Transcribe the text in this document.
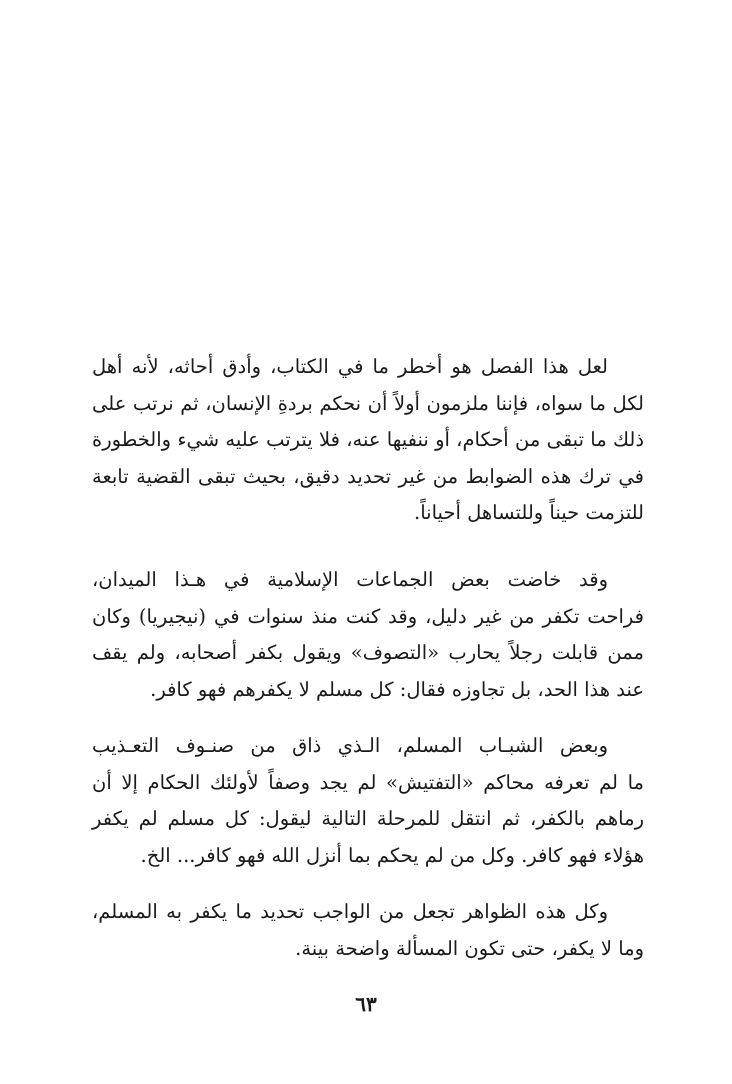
لعل هذا الفصل هو أخطر ما في الكتاب، وأدق أحاثه، لأنه أهل
لكل ما سواه، فإننا ملزمون أولاً أن نحكم بردةِ الإنسان، ثم نرتب على
ذلك ما تبقى من أحكام، أو ننفيها عنه، فلا يترتب عليه شيء والخطورة
في ترك هذه الضوابط من غير تحديد دقيق، بحيث تبقى القضية تابعة
للتزمت حيناً وللتساهل أحياناً.
وقد خاضت بعض الجماعات الإسلامية في هـذا الميدان،
فراحت تكفر من غير دليل، وقد كنت منذ سنوات في (نيجيريا) وكان
ممن قابلت رجلاً يحارب «التصوف» ويقول بكفر أصحابه، ولم يقف
عند هذا الحد، بل تجاوزه فقال: كل مسلم لا يكفرهم فهو كافر.
وبعض الشبـاب المسلم، الـذي ذاق من صنـوف التعـذيب
ما لم تعرفه محاكم «التفتيش» لم يجد وصفاً لأولئك الحكام إلا أن
رماهم بالكفر، ثم انتقل للمرحلة التالية ليقول: كل مسلم لم يكفر
هؤلاء فهو كافر. وكل من لم يحكم بما أنزل الله فهو كافر... الخ.
وكل هذه الظواهر تجعل من الواجب تحديد ما يكفر به المسلم،
وما لا يكفر، حتى تكون المسألة واضحة بينة.
٦٣
